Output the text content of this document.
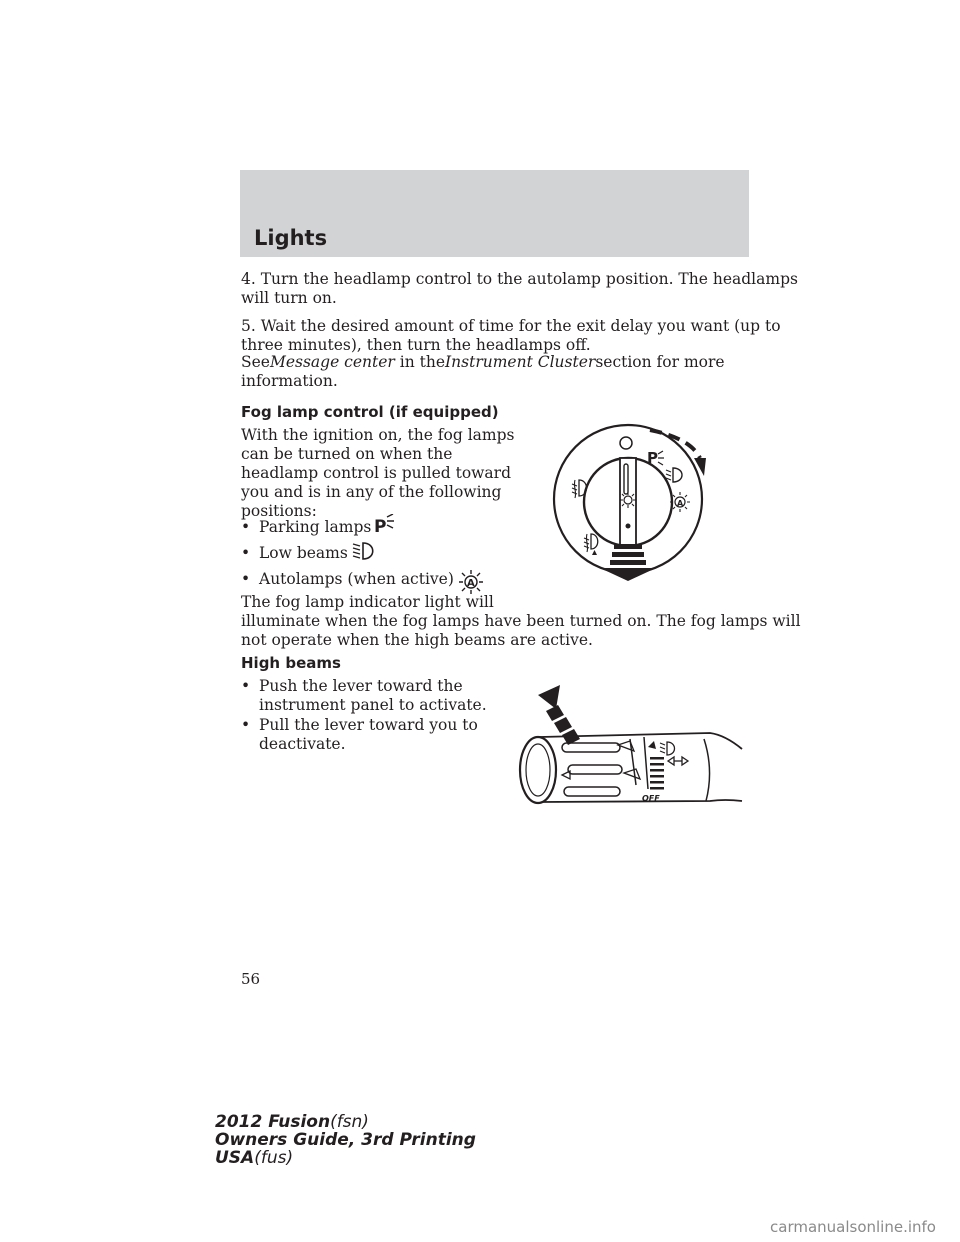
Lights

4. Turn the headlamp control to the autolamp position. The headlamps

will turn on.

5. Wait the desired amount of time for the exit delay you want (up to

three minutes), then turn the headlamps off.

SeeMessage center in theInstrument Clustersection for more

information.

Fog lamp control (if equipped)

With the ignition on, the fog lamps

can be turned on when the

headlamp control is pulled toward

you and is in any of the following

positions:

• Parking lamps P

• Low beams

• Autolamps (when active) A

The fog lamp indicator light will

illuminate when the fog lamps have been turned on. The fog lamps will

not operate when the high beams are active.

P
A
High beams

• Push the lever toward the

instrument panel to activate.

• Pull the lever toward you to

deactivate.

OFF

56

2012 Fusion(fsn)
Owners Guide, 3rd Printing
USA(fus)
carmanualsonline.info
